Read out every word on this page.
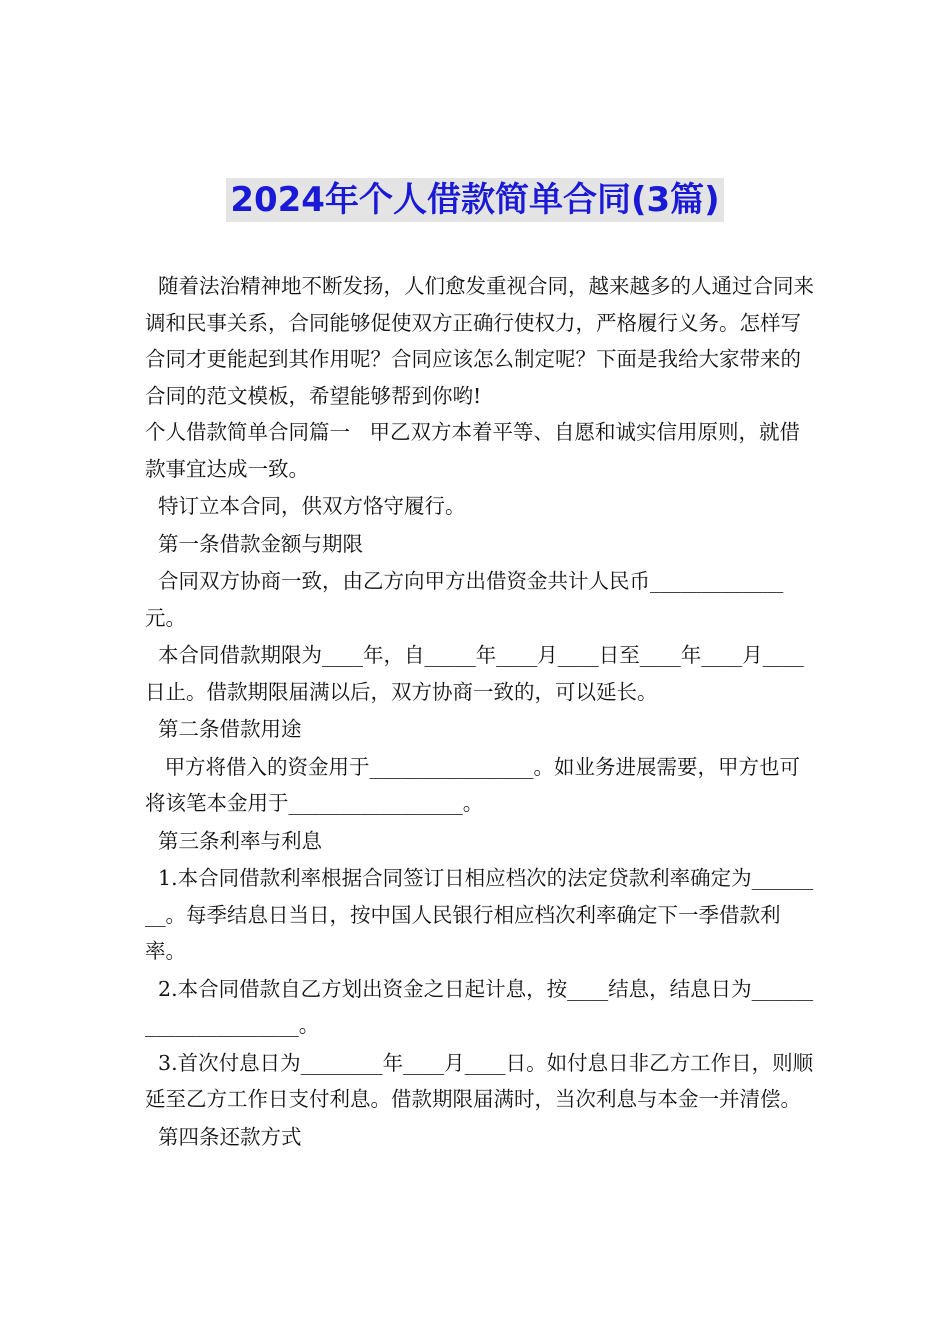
2024年个人借款简单合同(3篇)

随着法治精神地不断发扬，人们愈发重视合同，越来越多的人通过合同来调和民事关系，合同能够促使双方正确行使权力，严格履行义务。怎样写合同才更能起到其作用呢？合同应该怎么制定呢？下面是我给大家带来的合同的范文模板，希望能够帮到你哟!

个人借款简单合同篇一   甲乙双方本着平等、自愿和诚实信用原则，就借款事宜达成一致。

特订立本合同，供双方恪守履行。

第一条借款金额与期限

合同双方协商一致，由乙方向甲方出借资金共计人民币_____________元。

本合同借款期限为____年，自_____年____月____日至____年____月____日止。借款期限届满以后，双方协商一致的，可以延长。

第二条借款用途

甲方将借入的资金用于________________。如业务进展需要，甲方也可将该笔本金用于_________________。

第三条利率与利息

1.本合同借款利率根据合同签订日相应档次的法定贷款利率确定为________。每季结息日当日，按中国人民银行相应档次利率确定下一季借款利率。

2.本合同借款自乙方划出资金之日起计息，按____结息，结息日为_____________________。

3.首次付息日为________年____月____日。如付息日非乙方工作日，则顺延至乙方工作日支付利息。借款期限届满时，当次利息与本金一并清偿。

第四条还款方式
